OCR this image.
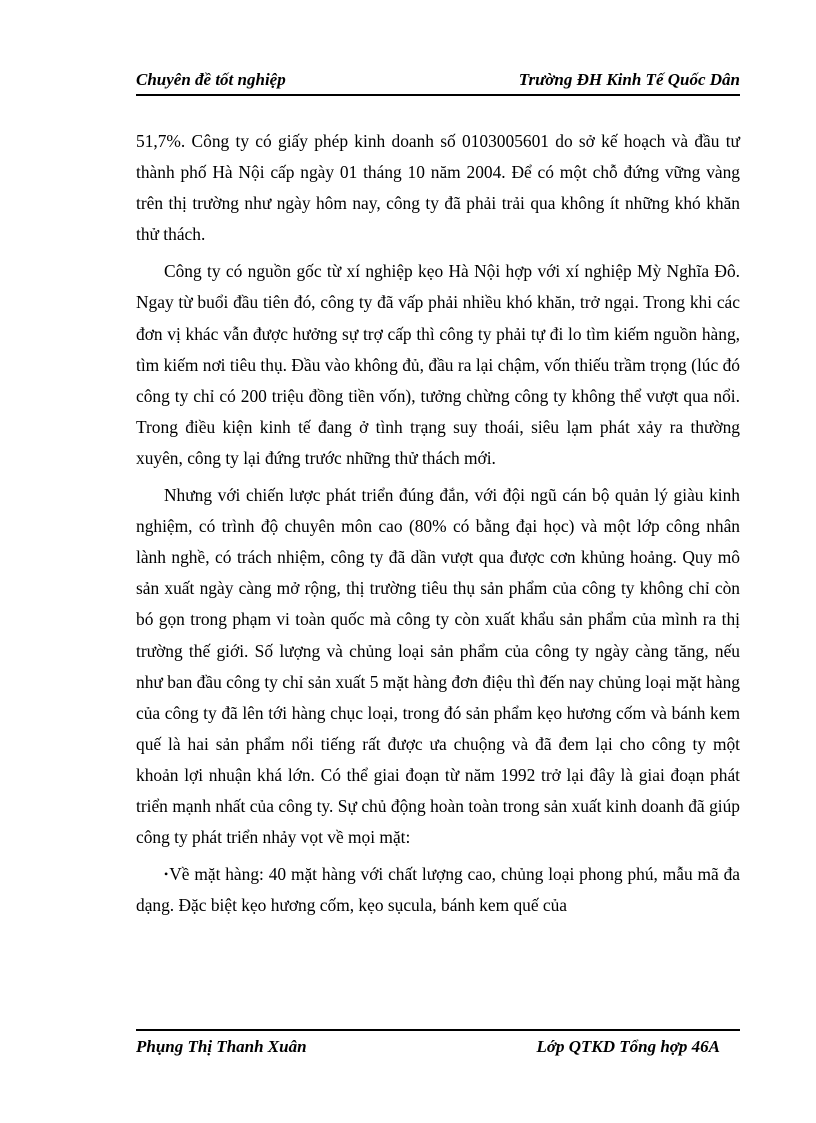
Chuyên đề tốt nghiệp	Trường ĐH Kinh Tế Quốc Dân

51,7%. Công ty có giấy phép kinh doanh số 0103005601 do sở kế hoạch và đầu tư thành phố Hà Nội cấp ngày 01 tháng 10 năm 2004. Để có một chỗ đứng vững vàng trên thị trường như ngày hôm nay, công ty đã phải trải qua không ít những khó khăn thử thách.

Công ty có nguồn gốc từ xí nghiệp kẹo Hà Nội hợp với xí nghiệp Mỳ Nghĩa Đô. Ngay từ buổi đầu tiên đó, công ty đã vấp phải nhiều khó khăn, trở ngại. Trong khi các đơn vị khác vẫn được hưởng sự trợ cấp thì công ty phải tự đi lo tìm kiếm nguồn hàng, tìm kiếm nơi tiêu thụ. Đầu vào không đủ, đầu ra lại chậm, vốn thiếu trầm trọng (lúc đó công ty chỉ có 200 triệu đồng tiền vốn), tưởng chừng công ty không thể vượt qua nổi. Trong điều kiện kinh tế đang ở tình trạng suy thoái, siêu lạm phát xảy ra thường xuyên, công ty lại đứng trước những thử thách mới.

Nhưng với chiến lược phát triển đúng đắn, với đội ngũ cán bộ quản lý giàu kinh nghiệm, có trình độ chuyên môn cao (80% có bằng đại học) và một lớp công nhân lành nghề, có trách nhiệm, công ty đã dần vượt qua được cơn khủng hoảng. Quy mô sản xuất ngày càng mở rộng, thị trường tiêu thụ sản phẩm của công ty không chỉ còn bó gọn trong phạm vi toàn quốc mà công ty còn xuất khẩu sản phẩm của mình ra thị trường thế giới. Số lượng và chủng loại sản phẩm của công ty ngày càng tăng, nếu như ban đầu công ty chỉ sản xuất 5 mặt hàng đơn điệu thì đến nay chủng loại mặt hàng của công ty đã lên tới hàng chục loại, trong đó sản phẩm kẹo hương cốm và bánh kem quế là hai sản phẩm nổi tiếng rất được ưa chuộng và đã đem lại cho công ty một khoản lợi nhuận khá lớn. Có thể giai đoạn từ năm 1992 trở lại đây là giai đoạn phát triển mạnh nhất của công ty. Sự chủ động hoàn toàn trong sản xuất kinh doanh đã giúp công ty phát triển nhảy vọt về mọi mặt:

•Về mặt hàng: 40 mặt hàng với chất lượng cao, chủng loại phong phú, mẫu mã đa dạng. Đặc biệt kẹo hương cốm, kẹo sụcula, bánh kem quế của

Phụng Thị Thanh Xuân	Lớp QTKD Tổng hợp 46A
